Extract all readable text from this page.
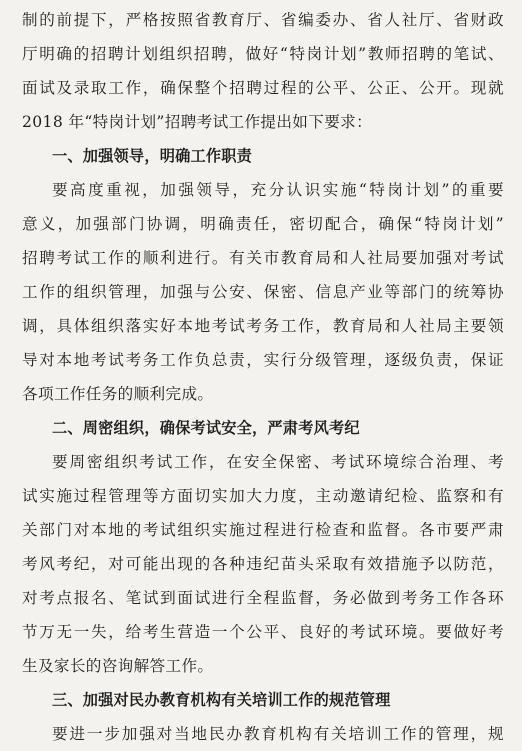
制的前提下，严格按照省教育厅、省编委办、省人社厅、省财政
厅明确的招聘计划组织招聘，做好“特岗计划”教师招聘的笔试、
面试及录取工作，确保整个招聘过程的公平、公正、公开。现就
2018 年“特岗计划”招聘考试工作提出如下要求：
一、加强领导，明确工作职责
要高度重视，加强领导，充分认识实施“特岗计划”的重要
意义，加强部门协调，明确责任，密切配合，确保“特岗计划”
招聘考试工作的顺利进行。有关市教育局和人社局要加强对考试
工作的组织管理，加强与公安、保密、信息产业等部门的统筹协
调，具体组织落实好本地考试考务工作，教育局和人社局主要领
导对本地考试考务工作负总责，实行分级管理，逐级负责，保证
各项工作任务的顺利完成。
二、周密组织，确保考试安全，严肃考风考纪
要周密组织考试工作，在安全保密、考试环境综合治理、考
试实施过程管理等方面切实加大力度，主动邀请纪检、监察和有
关部门对本地的考试组织实施过程进行检查和监督。各市要严肃
考风考纪，对可能出现的各种违纪苗头采取有效措施予以防范，
对考点报名、笔试到面试进行全程监督，务必做到考务工作各环
节万无一失，给考生营造一个公平、良好的考试环境。要做好考
生及家长的咨询解答工作。
三、加强对民办教育机构有关培训工作的规范管理
要进一步加强对当地民办教育机构有关培训工作的管理，规
